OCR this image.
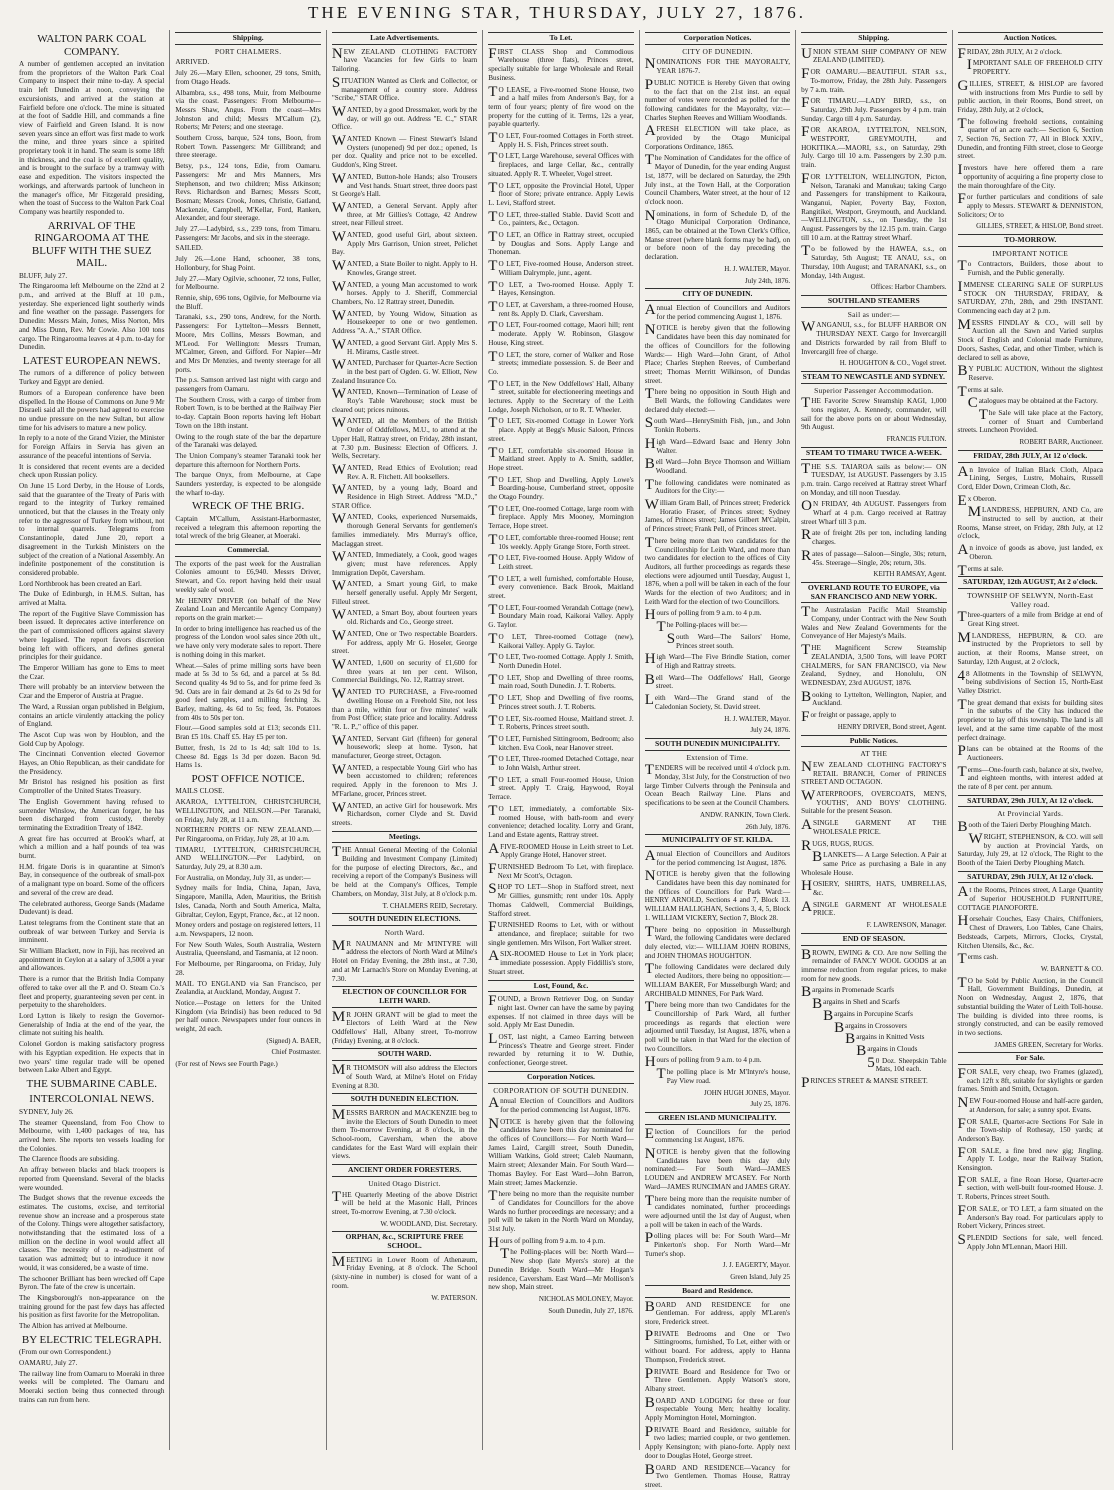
THE EVENING STAR, THURSDAY, JULY 27, 1876.
WALTON PARK COAL COMPANY.

A number of gentlemen accepted an invitation from the proprietors of the Walton Park Coal Company to inspect their mine to-day. A special train left Dunedin at noon, conveying the excursionists, and arrived at the station at Fairfield before one o'clock. The mine is situated at the foot of Saddle Hill, and commands a fine view of Fairfield and Green Island. It is now seven years since an effort was first made to work the mine, and three years since a spirited proprietary took it in hand. The seam is some 18ft in thickness, and the coal is of excellent quality, and is brought to the surface by a tramway with ease and expedition. The visitors inspected the workings, and afterwards partook of luncheon in the manager's office, Mr Fitzgerald presiding, when the toast of Success to the Walton Park Coal Company was heartily responded to.

ARRIVAL OF THE RINGAROOMA AT THE BLUFF WITH THE SUEZ MAIL.

BLUFF, July 27.

The Ringarooma left Melbourne on the 22nd at 2 p.m., and arrived at the Bluff at 10 p.m., yesterday. She experienced light southerly winds and fine weather on the passage. Passengers for Dunedin: Messrs Main, Jones, Miss Norton, Mrs and Miss Dunn, Rev. Mr Cowie. Also 100 tons cargo. The Ringarooma leaves at 4 p.m. to-day for Dunedin.

LATEST EUROPEAN NEWS.

The rumors of a difference of policy between Turkey and Egypt are denied.

Rumors of a European conference have been dispelled. In the House of Commons on June 9 Mr Disraeli said all the powers had agreed to exercise no undue pressure on the new Sultan, but allow time for his advisers to mature a new policy.

In reply to a note of the Grand Vizier, the Minister for Foreign Affairs in Servia has given an assurance of the peaceful intentions of Servia.

It is considered that recent events are a decided check upon Russian policy.

On June 15 Lord Derby, in the House of Lords, said that the guarantee of the Treaty of Paris with regard to the integrity of Turkey remained unnoticed, but that the clauses in the Treaty only refer to the aggressor of Turkey from without, not to internal quarrels. Telegrams from Constantinople, dated June 20, report a disagreement in the Turkish Ministers on the subject of the creation of a National Assembly. An indefinite postponement of the constitution is considered probable.

Lord Northbrook has been created an Earl.

The Duke of Edinburgh, in H.M.S. Sultan, has arrived at Malta.

The report of the Fugitive Slave Commission has been issued. It deprecates active interference on the part of commissioned officers against slavery where legalised. The report favors discretion being left with officers, and defines general principles for their guidance.

The Emperor William has gone to Ems to meet the Czar.

There will probably be an interview between the Czar and the Emperor of Austria at Prague.

The Ward, a Russian organ published in Belgium, contains an article virulently attacking the policy of England.

The Ascot Cup was won by Houblon, and the Gold Cup by Apology.

The Cincinnati Convention elected Governor Hayes, an Ohio Republican, as their candidate for the Presidency.

Mr Bristol has resigned his position as first Comptroller of the United States Treasury.

The English Government having refused to surrender Winslow, the American forger, he has been discharged from custody, thereby terminating the Extradition Treaty of 1842.

A great fire has occurred at Brook's wharf, at which a million and a half pounds of tea was burnt.

H.M. frigate Doris is in quarantine at Simon's Bay, in consequence of the outbreak of small-pox of a malignant type on board. Some of the officers and several of the crew are dead.

The celebrated authoress, George Sands (Madame Dudevant) is dead.

Latest telegrams from the Continent state that an outbreak of war between Turkey and Servia is imminent.

Sir William Blackett, now in Fiji, has received an appointment in Ceylon at a salary of 3,500l a year and allowances.

There is a rumor that the British India Company offered to take over all the P. and O. Steam Co.'s fleet and property, guaranteeing seven per cent. in perpetuity to the shareholders.

Lord Lytton is likely to resign the Governor-Generalship of India at the end of the year, the climate not suiting his health.

Colonel Gordon is making satisfactory progress with his Egyptian expedition. He expects that in two years' time regular trade will be opened between Lake Albert and Egypt.

THE SUBMARINE CABLE.
INTERCOLONIAL NEWS.

SYDNEY, July 26.

The steamer Queensland, from Foo Chow to Melbourne, with 1,400 packages of tea, has arrived here. She reports ten vessels loading for the Colonies.

The Clarence floods are subsiding.

An affray between blacks and black troopers is reported from Queensland. Several of the blacks were wounded.

The Budget shows that the revenue exceeds the estimates. The customs, excise, and territorial revenue show an increase and a prosperous state of the Colony. Things were altogether satisfactory, notwithstanding that the estimated loss of a million on the decline in wool would affect all classes. The necessity of a re-adjustment of taxation was admitted; but to introduce it now would, it was considered, be a waste of time.

The schooner Brilliant has been wrecked off Cape Byron. The fate of the crew is uncertain.

The Kingsborough's non-appearance on the training ground for the past few days has affected his position as first favorite for the Metropolitan.

The Albion has arrived at Melbourne.

BY ELECTRIC TELEGRAPH.

(From our own Correspondent.)

OAMARU, July 27.

The railway line from Oamaru to Moeraki in three weeks will be completed. The Oamaru and Moeraki section being thus connected through trains can run from here.

Shipping.
PORT CHALMERS.

ARRIVED.

July 26.—Mary Ellen, schooner, 29 tons, Smith, from Otago Heads.

Albambra, s.s., 498 tons, Muir, from Melbourne via the coast. Passengers: From Melbourne—Messrs Shaw, Angus. From the coast—Mrs Johnston and child; Messrs M'Callum (2), Roberts; Mr Peters; and one steerage.

Southern Cross, barque, 524 tons, Boon, from Robert Town. Passengers: Mr Gillibrand; and three steerage.

Betsy, p.s., 124 tons, Edie, from Oamaru. Passengers: Mr and Mrs Manners, Mrs Stephenson, and two children; Miss Atkinson; Revs. Richardson and Barnes; Messrs Scott, Bosman; Messrs Crook, Jones, Christie, Gatland, Mackenzie, Campbell, M'Kellar, Ford, Ranken, Alexander, and four steerage.

July 27.—Ladybird, s.s., 239 tons, from Timaru. Passengers: Mr Jacobs, and six in the steerage.

SAILED.

July 26.—Lone Hand, schooner, 38 tons, Hollonbury, for Shag Point.

July 27.—Mary Ogilvie, schooner, 72 tons, Fuller, for Melbourne.

Rennie, ship, 696 tons, Ogilvie, for Melbourne via the Bluff.

Taranaki, s.s., 290 tons, Andrew, for the North. Passengers: For Lyttelton—Messrs Bennett, Moore, Mrs Collins, Messrs Bowman, and M'Leod. For Wellington: Messrs Truman, M'Calmer, Green, and Gifford. For Napier—Mr and Mrs Dr Menzies, and twenty steerage for all ports.

The p.s. Samson arrived last night with cargo and passengers from Oamaru.

The Southern Cross, with a cargo of timber from Robert Town, is to be berthed at the Railway Pier to-day. Captain Boon reports having left Hobart Town on the 18th instant.

Owing to the rough state of the bar the departure of the Taranaki was delayed.

The Union Company's steamer Taranaki took her departure this afternoon for Northern Ports.

The barque Onyx, from Melbourne, at Cape Saunders yesterday, is expected to be alongside the wharf to-day.

WRECK OF THE BRIG.

Captain M'Callum, Assistant-Harbormaster, received a telegram this afternoon reporting the total wreck of the brig Gleaner, at Moeraki.

Commercial.

The exports of the past week for the Australian Colonies amount to £6,940. Messrs Driver, Stewart, and Co. report having held their usual weekly sale of wool.

Mr HENRY DRIVER (on behalf of the New Zealand Loan and Mercantile Agency Company) reports on the grain market:—

In order to bring intelligence has reached us of the progress of the London wool sales since 20th ult., we have only very moderate sales to report. There is nothing doing in this market.

Wheat.—Sales of prime milling sorts have been made at 5s 3d to 5s 6d, and a parcel at 5s 8d. Second quality 4s 9d to 5s, and for prime feed 3s 9d. Oats are in fair demand at 2s 6d to 2s 9d for good feed samples, and milling fetching 3s. Barley, malting, 4s 6d to 5s; feed, 3s. Potatoes from 40s to 50s per ton.

Flour.—Good samples sold at £13; seconds £11. Bran £5 10s. Chaff £5. Hay £5 per ton.

Butter, fresh, 1s 2d to 1s 4d; salt 10d to 1s. Cheese 8d. Eggs 1s 3d per dozen. Bacon 9d. Hams 1s.

POST OFFICE NOTICE.

MAILS CLOSE.

AKAROA, LYTTELTON, CHRISTCHURCH, WELLINGTON, and NELSON.—Per Taranaki, on Friday, July 28, at 11 a.m.

NORTHERN PORTS OF NEW ZEALAND.—Per Ringarooma, on Friday, July 28, at 10 a.m.

TIMARU, LYTTELTON, CHRISTCHURCH, AND WELLINGTON.—Per Ladybird, on Saturday, July 29, at 8.30 a.m.

For Australia, on Monday, July 31, as under:—

Sydney mails for India, China, Japan, Java, Singapore, Manilla, Aden, Mauritius, the British Isles, Canada, North and South America, Malta, Gibraltar, Ceylon, Egypt, France, &c., at 12 noon.

Money orders and postage on registered letters, 11 a.m. Newspapers, 12 noon.

For New South Wales, South Australia, Western Australia, Queensland, and Tasmania, at 12 noon.

For Melbourne, per Ringarooma, on Friday, July 28.

MAIL TO ENGLAND via San Francisco, per Zealandia, at Auckland, Monday, August 7.

Notice.—Postage on letters for the United Kingdom (via Brindisi) has been reduced to 9d per half ounce. Newspapers under four ounces in weight, 2d each.

(Signed) A. BAER,

Chief Postmaster.

(For rest of News see Fourth Page.)

Late Advertisements.

NEW ZEALAND CLOTHING FACTORY have Vacancies for few Girls to learn Tailoring.

SITUATION Wanted as Clerk and Collector, or management of a country store. Address "Scribe," STAR Office.

WANTED, by a good Dressmaker, work by the day, or will go out. Address "E. C.," STAR Office.

WANTED Known — Finest Stewart's Island Oysters (unopened) 9d per doz.; opened, 1s per doz. Quality and price not to be excelled. Guddon's, King Street.

WANTED, Button-hole Hands; also Trousers and Vest hands. Stuart street, three doors past St George's Hall.

WANTED, a General Servant. Apply after three, at Mr Gillies's Cottage, 42 Andrew street, near Filleul street.

WANTED, good useful Girl, about sixteen. Apply Mrs Garrison, Union street, Pelichet Bay.

WANTED, a State Boiler to night. Apply to H. Knowles, Grange street.

WANTED, a young Man accustomed to work horses. Apply to J. Sheriff, Commercial Chambers, No. 12 Rattray street, Dunedin.

WANTED, by Young Widow, Situation as Housekeeper to one or two gentlemen. Address "A. A.," STAR Office.

WANTED, a good Servant Girl. Apply Mrs S. H. Mirams, Castle street.

WANTED, Purchaser for Quarter-Acre Section in the best part of Ogden. G. W. Elliott, New Zealand Insurance Co.

WANTED, Known—Termination of Lease of Roy's Table Warehouse; stock must be cleared out; prices ruinous.

WANTED, all the Members of the British Order of Oddfellows, M.U., to attend at the Upper Hall, Rattray street, on Friday, 28th instant, at 7.30 p.m. Business: Election of Officers. J. Wells, Secretary.

WANTED, Read Ethics of Evolution; read Rev. A. R. Fitchett. All booksellers.

WANTED, by a young lady, Board and Residence in High Street. Address "M.D.," STAR Office.

WANTED, Cooks, experienced Nursemaids, thorough General Servants for gentlemen's families immediately. Mrs Murray's office, Maclaggan street.

WANTED, Immediately, a Cook, good wages given; must have references. Apply Immigration Depôt, Caversham.

WANTED, a Smart young Girl, to make herself generally useful. Apply Mr Sergent, Filleul street.

WANTED, a Smart Boy, about fourteen years old. Richards and Co., George street.

WANTED, One or Two respectable Boarders. For address, apply Mr G. Hoseler, George street.

WANTED, 1,600 on security of £1,600 for three years at ten per cent. Wilson, Commercial Buildings, No. 12, Rattray street.

WANTED TO PURCHASE, a Five-roomed dwelling House on a Freehold Site, not less than a mile, within four or five minutes' walk from Post Office; state price and locality. Address "R. L. P.," office of this paper.

WANTED, Servant Girl (fifteen) for general housework; sleep at home. Tyson, hat manufacturer, George street, Octagon.

WANTED, a respectable Young Girl who has been accustomed to children; references required. Apply in the forenoon to Mrs J. M'Farlane, grocer, Princes street.

WANTED, an active Girl for housework. Mrs Richardson, corner Clyde and St. David streets.

Meetings.

THE Annual General Meeting of the Colonial Building and Investment Company (Limited) for the purpose of electing Directors, &c., and receiving a report of the Company's Business will be held at the Company's Offices, Temple Chambers, on Monday, 31st July, at 8 o'clock p.m.

T. CHALMERS REID, Secretary.

SOUTH DUNEDIN ELECTIONS.
North Ward.

MR NAUMANN and Mr M'INTYRE will address the electors of North Ward at Milne's Hotel on Friday Evening, the 28th inst., at 7.30, and at Mr Larnach's Store on Monday Evening, at 7.30.

ELECTION OF COUNCILLOR FOR LEITH WARD.

MR JOHN GRANT will be glad to meet the Electors of Leith Ward at the New Oddfellows' Hall, Albany street, To-morrow (Friday) Evening, at 8 o'clock.

SOUTH WARD.

MR THOMSON will also address the Electors of South Ward, at Milne's Hotel on Friday Evening at 8.30.

SOUTH DUNEDIN ELECTION.

MESSRS BARRON and MACKENZIE beg to invite the Electors of South Dunedin to meet them To-morrow Evening, at 8 o'clock, in the School-room, Caversham, when the above candidates for the East Ward will explain their views.

ANCIENT ORDER FORESTERS.
United Otago District.

THE Quarterly Meeting of the above District will be held at the Masonic Hall, Princes street, To-morrow Evening, at 7.30 o'clock.

W. WOODLAND, Dist. Secretary.

ORPHAN, &c., SCRIPTURE FREE SCHOOL.

MEETING in Lower Room of Athenæum, Friday Evening, at 8 o'clock. The School (sixty-nine in number) is closed for want of a room.

W. PATERSON.

To Let.

FIRST CLASS Shop and Commodious Warehouse (three flats), Princes street, specially suitable for large Wholesale and Retail Business.

TO LEASE, a Five-roomed Stone House, two and a half miles from Anderson's Bay, for a term of four years; plenty of fire wood on the property for the cutting of it. Terms, 12s a year, payable quarterly.

TO LET, Four-roomed Cottages in Forth street. Apply H. S. Fish, Princes street south.

TO LET, Large Warehouse, several Offices with fireplaces, and large Cellar, &c., centrally situated. Apply R. T. Wheeler, Vogel street.

TO LET, opposite the Provincial Hotel, Upper floor of Store; private entrance. Apply Lewis L. Levi, Stafford street.

TO LET, three-stalled Stable. David Scott and Co., painters, &c., Octagon.

TO LET, an Office in Rattray street, occupied by Douglas and Sons. Apply Lange and Thoneman.

TO LET, Five-roomed House, Anderson street. William Dalrymple, junr., agent.

TO LET, a Two-roomed House. Apply T. Hayes, Kensington.

TO LET, at Caversham, a three-roomed House, rent 8s. Apply D. Clark, Caversham.

TO LET, Four-roomed cottage, Maori hill; rent moderate. Apply W. Robinson, Glasgow House, King street.

TO LET, the store, corner of Walker and Rose streets; immediate possession. S. de Beer and Co.

TO LET, in the New Oddfellows' Hall, Albany street, suitable for electioneering meetings and lectures. Apply to the Secretary of the Leith Lodge, Joseph Nicholson, or to R. T. Wheeler.

TO LET, Six-roomed Cottage in Lower York place. Apply at Begg's Music Saloon, Princes street.

TO LET, comfortable six-roomed House in Maitland street. Apply to A. Smith, saddler, Hope street.

TO LET, Shop and Dwelling, Apply Lowe's Boarding-house, Cumberland street, opposite the Otago Foundry.

TO LET, One-roomed Cottage, large room with fireplace. Apply Mrs Mooney, Mornington Terrace, Hope street.

TO LET, comfortable three-roomed House; rent 10s weekly. Apply Grange Store, Forth street.

TO LET, Five-roomed House. Apply Widow of Leith street.

TO LET, a well furnished, comfortable House, every convenience. Back Brook, Maitland street.

TO LET, Four-roomed Verandah Cottage (new), Boundary Main road, Kaikorai Valley. Apply G. Taylor.

TO LET, Three-roomed Cottage (new), Kaikorai Valley. Apply G. Taylor.

TO LET, Two-roomed Cottage. Apply J. Smith, North Dunedin Hotel.

TO LET, Shop and Dwelling of three rooms, main road, South Dunedin. J. T. Roberts.

TO LET, Shop and Dwelling of five rooms, Princes street south. J. T. Roberts.

TO LET, Six-roomed House, Maitland street. J. T. Roberts, Princes street south.

TO LET, Furnished Sittingroom, Bedroom; also kitchen. Eva Cook, near Hanover street.

TO LET, Three-roomed Detached Cottage, near to John Walsh, Arthur street.

TO LET, a small Four-roomed House, Union street. Apply T. Craig, Haywood, Royal Terrace.

TO LET, immediately, a comfortable Six-roomed House, with bath-room and every convenience; detached locality. Lorry and Grant, Land and Estate agents, Rattray street.

AFIVE-ROOMED House in Leith street to Let. Apply Grange Hotel, Hanover street.

FURNISHED Bedroom To Let, with fireplace. Next Mr Scott's, Octagon.

SHOP TO LET—Shop in Stafford street, next Mr Gillies, gunsmith; rent under 10s. Apply Thomas Caldwell, Commercial Buildings, Stafford street.

FURNISHED Rooms to Let, with or without attendance, and fireplace; suitable for two single gentlemen. Mrs Wilson, Fort Walker street.

ASIX-ROOMED House to Let in York place; immediate possession. Apply Fiddillis's store, Stuart street.

Lost, Found, &c.

FOUND, a Brown Retriever Dog, on Sunday night last. Owner can have the same by paying expenses. If not claimed in three days will be sold. Apply Mr East Dunedin.

LOST, last night, a Cameo Earring between Princess's Theatre and George street. Finder rewarded by returning it to W. Duthie, confectioner, George street.

Corporation Notices.
CORPORATION OF SOUTH DUNEDIN.

Annual Election of Councillors and Auditors for the period commencing 1st August, 1876.

NOTICE is hereby given that the following candidates have been this day nominated for the offices of Councillors:— For North Ward—James Laird, Cargill street, South Dunedin, William Watkins, Gold street; Caleb Naumann, Mairn street; Alexander Main. For South Ward—Thomas Bayley. For East Ward—John Barron, Main street; James Mackenzie.

There being no more than the requisite number of Candidates for Councillors for the above Wards no further proceedings are necessary; and a poll will be taken in the North Ward on Monday, 31st July.

Hours of polling from 9 a.m. to 4 p.m.

The Polling-places will be: North Ward—New shop (late Myers's store) at the Dunedin Bridge. South Ward—Mr Hogan's residence, Caversham. East Ward—Mr Mollison's new shop, Main street.

NICHOLAS MOLONEY, Mayor.

South Dunedin, July 27, 1876.

Corporation Notices.
CITY OF DUNEDIN.

NOMINATIONS FOR THE MAYORALTY, YEAR 1876-7.

PUBLIC NOTICE is Hereby Given that owing to the fact that on the 21st inst. an equal number of votes were recorded as polled for the following candidates for the Mayoralty, viz:—Charles Stephen Reeves and William Woodlands.

AFRESH ELECTION will take place, as provided by the Otago Municipal Corporations Ordinance, 1865.

The Nomination of Candidates for the office of Mayor of Dunedin, for the year ending August 1st, 1877, will be declared on Saturday, the 29th July inst., at the Town Hall, at the Corporation Council Chambers, Water street, at the hour of 12 o'clock noon.

Nominations, in form of Schedule D, of the Otago Municipal Corporation Ordinance, 1865, can be obtained at the Town Clerk's Office, Manse street (where blank forms may be had), on or before noon of the day preceding the declaration.

H. J. WALTER, Mayor.

July 24th, 1876.

CITY OF DUNEDIN.

Annual Election of Councillors and Auditors for the period commencing August 1, 1876.

NOTICE is hereby given that the following Candidates have been this day nominated for the offices of Councillors for the following Wards:— High Ward—John Grant, of Athol Place; Charles Stephen Reeves, of Cumberland street; Thomas Merritt Wilkinson, of Dundas street.

There being no opposition in South High and Bell Wards, the following Candidates were declared duly elected:—

South Ward—HenrySmith Fish, jun., and John Tonkin Roberts.

High Ward—Edward Isaac and Henry John Walter.

Bell Ward—John Bryce Thomson and William Woodland.

The following candidates were nominated as Auditors for the City:—

William Gram Ball, of Princes street; Frederick Horatio Fraser, of Princes street; Sydney James, of Princes street; James Gilbert M'Calpin, of Princes street; Frank Pell, of Princes street.

There being more than two candidates for the Councillorship for Leith Ward, and more than two candidates for election to the offices of City Auditors, all further proceedings as regards these elections were adjourned until Tuesday, August 1, 1876, when a poll will be taken in each of the four Wards for the election of two Auditors; and in Leith Ward for the election of two Councillors.

Hours of polling from 9 a.m. to 4 p.m.

The Polling-places will be:—

South Ward—The Sailors' Home, Princes street south.

High Ward—The Five Brindle Station, corner of High and Rattray streets.

Bell Ward—The Oddfellows' Hall, George street.

Leith Ward—The Grand stand of the Caledonian Society, St. David street.

H. J. WALTER, Mayor.

July 24, 1876.

SOUTH DUNEDIN MUNICIPALITY.
Extension of Time.

TENDERS will be received until 4 o'clock p.m. Monday, 31st July, for the Construction of two large Timber Culverts through the Peninsula and Ocean Beach Railway Line. Plans and specifications to be seen at the Council Chambers.

ANDW. RANKIN, Town Clerk.

26th July, 1876.

MUNICIPALITY OF ST. KILDA.

Annual Election of Councillors and Auditors for the period commencing 1st August, 1876.

NOTICE is hereby given that the following Candidates have been this day nominated for the Offices of Councillors for Park Ward:— HENRY ARNOLD, Sections 4 and 7, Block 13. WILLIAM HALLIGHAN, Sections 3, 4, 5, Block 1. WILLIAM VICKERY, Section 7, Block 28.

There being no opposition in Musselburgh Ward, the following Candidates were declared duly elected, viz:— WILLIAM JOHN ROBINS, and JOHN THOMAS HOUGHTON.

The following Candidates were declared duly elected Auditors, there being no opposition:— WILLIAM BAKER, For Musselburgh Ward; and ARCHIBALD MINNES, For Park Ward.

There being more than two Candidates for the Councillorship of Park Ward, all further proceedings as regards that election were adjourned until Tuesday, 1st August, 1876, when a poll will be taken in that Ward for the election of two Councillors.

Hours of polling from 9 a.m. to 4 p.m.

The polling place is Mr M'Intyre's house, Pay View road.

JOHN HUGH JONES, Mayor.

July 25, 1876.

GREEN ISLAND MUNICIPALITY.

Election of Councillors for the period commencing 1st August, 1876.

NOTICE is hereby given that the following Candidates have been this day duly nominated:— For South Ward—JAMES LOUDEN and ANDREW M'CASEY. For North Ward—JAMES RUNCIMAN and JAMES GRAY.

There being more than the requisite number of candidates nominated, further proceedings were adjourned until the 1st day of August, when a poll will be taken in each of the Wards.

Polling places will be: For South Ward—Mr Pinkerton's shop. For North Ward—Mr Turner's shop.

J. J. EAGERTY, Mayor.

Green Island, July 25

Board and Residence.

BOARD AND RESIDENCE for one Gentleman. For address, apply M'Laren's store, Frederick street.

PRIVATE Bedrooms and One or Two Sittingrooms, furnished, To Let, either with or without board. For address, apply to Hanna Thompson, Frederick street.

PRIVATE Board and Residence for Two or Three Gentlemen. Apply Watson's store, Albany street.

BOARD AND LODGING for three or four respectable Young Men; healthy locality. Apply Mornington Hotel, Mornington.

PRIVATE Board and Residence, suitable for two ladies; married couple, or two gentlemen. Apply Kensington; with piano-forte. Apply next door to Douglas Hotel, George street.

BOARD AND RESIDENCE—Vacancy for Two Gentlemen. Thomas House, Rattray street.

Shipping.

UNION STEAM SHIP COMPANY OF NEW ZEALAND (LIMITED).

FOR OAMARU.—BEAUTIFUL STAR s.s., To-morrow, Friday, the 28th July. Passengers by 7 a.m. train.

FOR TIMARU.—LADY BIRD, s.s., on Saturday, 29th July. Passengers by 4 p.m. train Sunday. Cargo till 4 p.m. Saturday.

FOR AKAROA, LYTTELTON, NELSON, WESTPORT, GREYMOUTH, and HOKITIKA.—MAORI, s.s., on Saturday, 29th July. Cargo till 10 a.m. Passengers by 2.30 p.m. train.

FOR LYTTELTON, WELLINGTON, Picton, Nelson, Taranaki and Manukau; taking Cargo and Passengers for transhipment to Kaikoura, Wanganui, Napier, Poverty Bay, Foxton, Rangitikei, Westport, Greymouth, and Auckland.—WELLINGTON, s.s., on Tuesday, the 1st August. Passengers by the 12.15 p.m. train. Cargo till 10 a.m. at the Rattray street Wharf.

To be followed by the HAWEA, s.s., on Saturday, 5th August; TE ANAU, s.s., on Thursday, 10th August; and TARANAKI, s.s., on Monday, 14th August.

Offices: Harbor Chambers.

SOUTHLAND STEAMERS
Sail as under:—

WANGANUI, s.s., for BLUFF HARBOR ON THURSDAY NEXT. Cargo for Invercargill and Districts forwarded by rail from Bluff to Invercargill free of charge.

H. HOUGHTON & CO., Vogel street.

STEAM TO NEWCASTLE AND SYDNEY.
Superior Passenger Accommodation.

THE Favorite Screw Steamship KAGI, 1,000 tons register, A. Kennedy, commander, will sail for the above ports on or about Wednesday, 9th August.

FRANCIS FULTON.

STEAM TO TIMARU TWICE A-WEEK.

THE S.S. TAIAROA sails as below:— ON TUESDAY, 1st AUGUST. Passengers by 3.15 p.m. train. Cargo received at Rattray street Wharf on Monday, and till noon Tuesday.

ON FRIDAY, 4th AUGUST. Passengers from Wharf at 4 p.m. Cargo received at Rattray street Wharf till 3 p.m.

Rate of freight 20s per ton, including landing charges.

Rates of passage—Saloon—Single, 30s; return, 45s. Steerage—Single, 20s; return, 30s.

KEITH RAMSAY, Agent.

OVERLAND ROUTE TO EUROPE, via SAN FRANCISCO AND NEW YORK.

The Australasian Pacific Mail Steamship Company, under Contract with the New South Wales and New Zealand Governments for the Conveyance of Her Majesty's Mails.

THE Magnificent Screw Steamship ZEALANDIA, 3,500 Tons, will leave PORT CHALMERS, for SAN FRANCISCO, via New Zealand, Sydney, and Honolulu, ON WEDNESDAY, 23rd AUGUST, 1876.

Booking to Lyttelton, Wellington, Napier, and Auckland.

For freight or passage, apply to

HENRY DRIVER, Bond street, Agent.

Public Notices.
AT THE

NEW ZEALAND CLOTHING FACTORY'S RETAIL BRANCH, Corner of PRINCES STREET AND OCTAGON.

WATERPROOFS, OVERCOATS, MEN'S, YOUTHS', AND BOYS' CLOTHING. Suitable for the present Season.

ASINGLE GARMENT AT THE WHOLESALE PRICE.

RUGS, RUGS, RUGS.

BLANKETS— A Large Selection. A Pair at same Price as purchasing a Bale in any Wholesale House.

HOSIERY, SHIRTS, HATS, UMBRELLAS, &c.

ASINGLE GARMENT AT WHOLESALE PRICE.

F. LAWRENSON, Manager.

END OF SEASON.

BROWN, EWING & CO. Are now Selling the remainder of FANCY WOOL GOODS at an immense reduction from regular prices, to make room for new goods.

Bargains in Promenade Scarfs

Bargains in Shetl and Scarfs

Bargains in Porcupine Scarfs

Bargains in Crossovers

Bargains in Knitted Vests

Bargains in Clouds

50 Doz. Sheepskin Table Mats, 10d each.

PRINCES STREET & MANSE STREET.

Auction Notices.

FRIDAY, 28th JULY, At 2 o'clock.

IMPORTANT SALE OF FREEHOLD CITY PROPERTY.

GILLIES, STREET, & HISLOP are favored with instructions from Mrs Purdie to sell by public auction, in their Rooms, Bond street, on Friday, 28th July, at 2 o'clock,

The following freehold sections, containing quarter of an acre each:— Section 6, Section 7, Section 76, Section 77, All in Block XXIV., Dunedin, and fronting Filth street, close to George street.

Investors have here offered them a rare opportunity of acquiring a fine property close to the main thoroughfare of the City.

For further particulars and conditions of sale apply to Messrs. STEWART & DENNISTON, Solicitors; Or to

GILLIES, STREET, & HISLOP, Bond street.

TO-MORROW.
IMPORTANT NOTICE

To Contractors, Builders, those about to Furnish, and the Public generally.

IMMENSE CLEARING SALE OF SURPLUS STOCK ON THURSDAY, FRIDAY, & SATURDAY, 27th, 28th, and 29th INSTANT. Commencing each day at 2 p.m.

MESSRS FINDLAY & CO., will sell by Auction all the Sawn and Varied surplus Stock of English and Colonial made Furniture, Doors, Sashes, Cedar, and other Timber, which is declared to sell as above,

BY PUBLIC AUCTION, Without the slightest Reserve.

Terms at sale.

Catalogues may be obtained at the Factory.

The Sale will take place at the Factory, corner of Stuart and Cumberland streets. Luncheon Provided.

ROBERT BARR, Auctioneer.

FRIDAY, 28th JULY, At 12 o'clock.

An Invoice of Italian Black Cloth, Alpaca Lining, Serges, Lustre, Mohairs, Russell Cord, Elder Down, Crimean Cloth, &c.

Ex Oberon.

MLANDRESS, HEPBURN, AND Co, are instructed to sell by auction, at their Rooms, Manse street, on Friday, 28th July, at 12 o'clock,

An invoice of goods as above, just landed, ex Oberon.

Terms at sale.

SATURDAY, 12th AUGUST, At 2 o'clock.
TOWNSHIP OF SELWYN, North-East Valley road.

Three-quarters of a mile from Bridge at end of Great King street.

MLANDRESS, HEPBURN, & CO. are instructed by the Proprietors to sell by auction, at their Rooms, Manse street, on Saturday, 12th August, at 2 o'clock,

48 Allotments in the Township of SELWYN, being subdivisions of Section 15, North-East Valley District.

The great demand that exists for building sites in the suburbs of the City has induced the proprietor to lay off this township. The land is all level, and at the same time capable of the most perfect drainage.

Plans can be obtained at the Rooms of the Auctioneers.

Terms—One-fourth cash, balance at six, twelve, and eighteen months, with interest added at the rate of 8 per cent. per annum.

SATURDAY, 29th JULY, At 12 o'clock.
At Provincial Yards.

Booth of the Taieri Derby Ploughing Match.

WRIGHT, STEPHENSON, & CO. will sell by auction at Provincial Yards, on Saturday, July 29, at 12 o'clock, The Right to the Booth of the Taieri Derby Ploughing Match.

SATURDAY, 29th JULY, At 12 o'clock.

At the Rooms, Princes street, A Large Quantity of Superior HOUSEHOLD FURNITURE, COTTAGE PIANOFORTE.

Horsehair Couches, Easy Chairs, Chiffoniers, Chest of Drawers, Loo Tables, Cane Chairs, Bedsteads, Carpets, Mirrors, Clocks, Crystal, Kitchen Utensils, &c., &c.

Terms cash.

W. BARNETT & CO.

TO be Sold by Public Auction, in the Council Hall, Government Buildings, Dunedin, at Noon on Wednesday, August 2, 1876, that substantial building the Water of Leith Toll-house. The building is divided into three rooms, is strongly constructed, and can be easily removed in two sections.

JAMES GREEN, Secretary for Works.

For Sale.

FOR SALE, very cheap, two Frames (glazed), each 12ft x 8ft, suitable for skylights or garden frames. Smith and Smith, Octagon.

NEW Four-roomed House and half-acre garden, at Anderson, for sale; a sunny spot. Evans.

FOR SALE, Quarter-acre Sections For Sale in the Town-ship of Rothesay, 150 yards; at Anderson's Bay.

FOR SALE, a fine bred new gig; Jingling. Apply T. Lodge, near the Railway Station, Kensington.

FOR SALE, a fine Roan Horse, Quarter-acre section, with well-built four-roomed House. J. T. Roberts, Princes street South.

FOR SALE, or TO LET, a farm situated on the Anderson's Bay road. For particulars apply to Robert Vickery, Princes street.

SPLENDID Sections for sale, well fenced. Apply John M'Lennan, Maori Hill.
